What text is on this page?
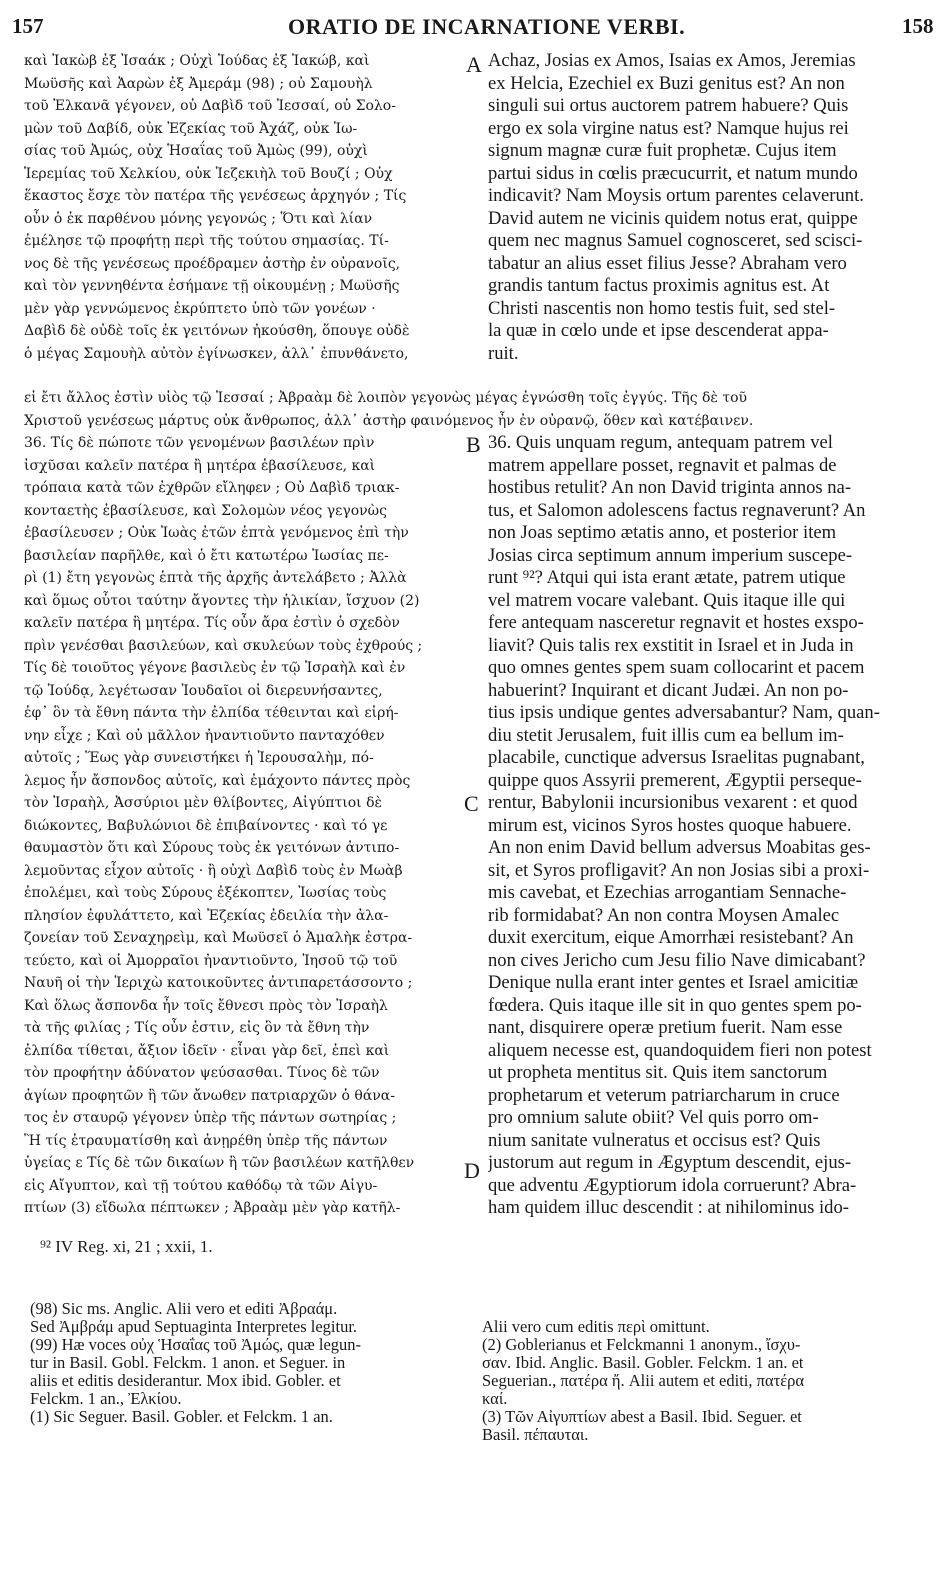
157	ORATIO DE INCARNATIONE VERBI.	158
A
B
C
D
καὶ Ἰακὼβ ἐξ Ἰσαάκ ; Οὐχὶ Ἰούδας ἐξ Ἰακώβ, καὶ
Μωϋσῆς καὶ Ἀαρὼν ἐξ Ἀμεράμ (98) ; οὐ Σαμουὴλ
τοῦ Ἐλκανᾶ γέγονεν, οὐ Δαβὶδ τοῦ Ἰεσσαί, οὐ Σολο-
μὼν τοῦ Δαβίδ, οὐκ Ἐζεκίας τοῦ Ἀχάζ, οὐκ Ἰω-
σίας τοῦ Ἀμώς, οὐχ Ἡσαΐας τοῦ Ἀμὼς (99), οὐχὶ
Ἱερεμίας τοῦ Χελκίου, οὐκ Ἰεζεκιὴλ τοῦ Βουζί ; Οὐχ
ἕκαστος ἔσχε τὸν πατέρα τῆς γενέσεως ἀρχηγόν ; Τίς
οὖν ὁ ἐκ παρθένου μόνης γεγονώς ; Ὅτι καὶ λίαν
ἐμέλησε τῷ προφήτῃ περὶ τῆς τούτου σημασίας. Τί-
νος δὲ τῆς γενέσεως προέδραμεν ἀστὴρ ἐν οὐρανοῖς,
καὶ τὸν γεννηθέντα ἐσήμανε τῇ οἰκουμένῃ ; Μωϋσῆς
μὲν γὰρ γεννώμενος ἐκρύπτετο ὑπὸ τῶν γονέων ·
Δαβὶδ δὲ οὐδὲ τοῖς ἐκ γειτόνων ἠκούσθη, ὅπουγε οὐδὲ
ὁ μέγας Σαμουὴλ αὐτὸν ἐγίνωσκεν, ἀλλ᾽ ἐπυνθάνετο,
Achaz, Josias ex Amos, Isaias ex Amos, Jeremias
ex Helcia, Ezechiel ex Buzi genitus est? An non
singuli sui ortus auctorem patrem habuere? Quis
ergo ex sola virgine natus est? Namque hujus rei
signum magnæ curæ fuit prophetæ. Cujus item
partui sidus in cœlis præcucurrit, et natum mundo
indicavit? Nam Moysis ortum parentes celaverunt.
David autem ne vicinis quidem notus erat, quippe
quem nec magnus Samuel cognosceret, sed scisci-
tabatur an alius esset filius Jesse? Abraham vero
grandis tantum factus proximis agnitus est. At
Christi nascentis non homo testis fuit, sed stel-
la quæ in cœlo unde et ipse descenderat appa-
ruit.
εἰ ἔτι ἄλλος ἐστὶν υἱὸς τῷ Ἰεσσαί ; Ἀβραὰμ δὲ λοιπὸν γεγονὼς μέγας ἐγνώσθη τοῖς ἐγγύς. Τῆς δὲ τοῦ
Χριστοῦ γενέσεως μάρτυς οὐκ ἄνθρωπος, ἀλλ᾽ ἀστὴρ φαινόμενος ἦν ἐν οὐρανῷ, ὅθεν καὶ κατέβαινεν.
36. Τίς δὲ πώποτε τῶν γενομένων βασιλέων πρὶν
ἰσχῦσαι καλεῖν πατέρα ἢ μητέρα ἐβασίλευσε, καὶ
τρόπαια κατὰ τῶν ἐχθρῶν εἴληφεν ; Οὐ Δαβὶδ τριακ-
κονταετὴς ἐβασίλευσε, καὶ Σολομὼν νέος γεγονὼς
ἐβασίλευσεν ; Οὐκ Ἰωὰς ἐτῶν ἑπτὰ γενόμενος ἐπὶ τὴν
βασιλείαν παρῆλθε, καὶ ὁ ἔτι κατωτέρω Ἰωσίας πε-
ρὶ (1) ἔτη γεγονὼς ἑπτὰ τῆς ἀρχῆς ἀντελάβετο ; Ἀλλὰ
καὶ ὅμως οὗτοι ταύτην ἄγοντες τὴν ἡλικίαν, ἴσχυον (2)
καλεῖν πατέρα ἢ μητέρα. Τίς οὖν ἄρα ἐστὶν ὁ σχεδὸν
πρὶν γενέσθαι βασιλεύων, καὶ σκυλεύων τοὺς ἐχθρούς ;
Τίς δὲ τοιοῦτος γέγονε βασιλεὺς ἐν τῷ Ἰσραὴλ καὶ ἐν
τῷ Ἰούδᾳ, λεγέτωσαν Ἰουδαῖοι οἱ διερευνήσαντες,
ἐφ᾽ ὃν τὰ ἔθνη πάντα τὴν ἐλπίδα τέθεινται καὶ εἰρή-
νην εἶχε ; Καὶ οὐ μᾶλλον ἠναντιοῦντο πανταχόθεν
αὐτοῖς ; Ἕως γὰρ συνειστήκει ἡ Ἱερουσαλὴμ, πό-
λεμος ἦν ἄσπονδος αὐτοῖς, καὶ ἐμάχοντο πάντες πρὸς
τὸν Ἰσραὴλ, Ἀσσύριοι μὲν θλίβοντες, Αἰγύπτιοι δὲ
διώκοντες, Βαβυλώνιοι δὲ ἐπιβαίνοντες · καὶ τό γε
θαυμαστὸν ὅτι καὶ Σύρους τοὺς ἐκ γειτόνων ἀντιπο-
λεμοῦντας εἶχον αὐτοῖς · ἢ οὐχὶ Δαβὶδ τοὺς ἐν Μωὰβ
ἐπολέμει, καὶ τοὺς Σύρους ἐξέκοπτεν, Ἰωσίας τοὺς
πλησίον ἐφυλάττετο, καὶ Ἐζεκίας ἐδειλία τὴν ἀλα-
ζονείαν τοῦ Σεναχηρεὶμ, καὶ Μωϋσεῖ ὁ Ἀμαλὴκ ἐστρα-
τεύετο, καὶ οἱ Ἀμορραῖοι ἠναντιοῦντο, Ἰησοῦ τῷ τοῦ
Ναυῆ οἱ τὴν Ἱεριχὼ κατοικοῦντες ἀντιπαρετάσσοντο ;
Καὶ ὅλως ἄσπονδα ἦν τοῖς ἔθνεσι πρὸς τὸν Ἰσραὴλ
τὰ τῆς φιλίας ; Τίς οὖν ἐστιν, εἰς ὃν τὰ ἔθνη τὴν
ἐλπίδα τίθεται, ἄξιον ἰδεῖν · εἶναι γὰρ δεῖ, ἐπεὶ καὶ
τὸν προφήτην ἀδύνατον ψεύσασθαι. Τίνος δὲ τῶν
ἁγίων προφητῶν ἢ τῶν ἄνωθεν πατριαρχῶν ὁ θάνα-
τος ἐν σταυρῷ γέγονεν ὑπὲρ τῆς πάντων σωτηρίας ;
Ἢ τίς ἐτραυματίσθη καὶ ἀνῃρέθη ὑπὲρ τῆς πάντων
ὑγείας ε Τίς δὲ τῶν δικαίων ἢ τῶν βασιλέων κατῆλθεν
εἰς Αἴγυπτον, καὶ τῇ τούτου καθόδῳ τὰ τῶν Αἰγυ-
πτίων (3) εἴδωλα πέπτωκεν ; Ἀβραὰμ μὲν γὰρ κατῆλ-
36. Quis unquam regum, antequam patrem vel
matrem appellare posset, regnavit et palmas de
hostibus retulit? An non David triginta annos na-
tus, et Salomon adolescens factus regnaverunt? An
non Joas septimo ætatis anno, et posterior item
Josias circa septimum annum imperium suscepe-
runt ⁹²? Atqui qui ista erant ætate, patrem utique
vel matrem vocare valebant. Quis itaque ille qui
fere antequam nasceretur regnavit et hostes exspo-
liavit? Quis talis rex exstitit in Israel et in Juda in
quo omnes gentes spem suam collocarint et pacem
habuerint? Inquirant et dicant Judæi. An non po-
tius ipsis undique gentes adversabantur? Nam, quan-
diu stetit Jerusalem, fuit illis cum ea bellum im-
placabile, cunctique adversus Israelitas pugnabant,
quippe quos Assyrii premerent, Ægyptii perseque-
rentur, Babylonii incursionibus vexarent : et quod
mirum est, vicinos Syros hostes quoque habuere.
An non enim David bellum adversus Moabitas ges-
sit, et Syros profligavit? An non Josias sibi a proxi-
mis cavebat, et Ezechias arrogantiam Sennache-
rib formidabat? An non contra Moysen Amalec
duxit exercitum, eique Amorrhæi resistebant? An
non cives Jericho cum Jesu filio Nave dimicabant?
Denique nulla erant inter gentes et Israel amicitiæ
fœdera. Quis itaque ille sit in quo gentes spem po-
nant, disquirere operæ pretium fuerit. Nam esse
aliquem necesse est, quandoquidem fieri non potest
ut propheta mentitus sit. Quis item sanctorum
prophetarum et veterum patriarcharum in cruce
pro omnium salute obiit? Vel quis porro om-
nium sanitate vulneratus et occisus est? Quis
justorum aut regum in Ægyptum descendit, ejus-
que adventu Ægyptiorum idola corruerunt? Abra-
ham quidem illuc descendit : at nihilominus ido-
⁹² IV Reg. xi, 21 ; xxii, 1.
(98) Sic ms. Anglic. Alii vero et editi Ἀβραάμ.
Sed Ἀμβράμ apud Septuaginta Interpretes legitur.
(99) Hæ voces οὐχ Ἡσαΐας τοῦ Ἀμώς, quæ legun-
tur in Basil. Gobl. Felckm. 1 anon. et Seguer. in
aliis et editis desiderantur. Mox ibid. Gobler. et
Felckm. 1 an., Ἐλκίου.
(1) Sic Seguer. Basil. Gobler. et Felckm. 1 an.
Alii vero cum editis περὶ omittunt.
(2) Goblerianus et Felckmanni 1 anonym., ἴσχυ-
σαν. Ibid. Anglic. Basil. Gobler. Felckm. 1 an. et
Seguerian., πατέρα ἤ. Alii autem et editi, πατέρα
καί.
(3) Τῶν Αἰγυπτίων abest a Basil. Ibid. Seguer. et
Basil. πέπαυται.
